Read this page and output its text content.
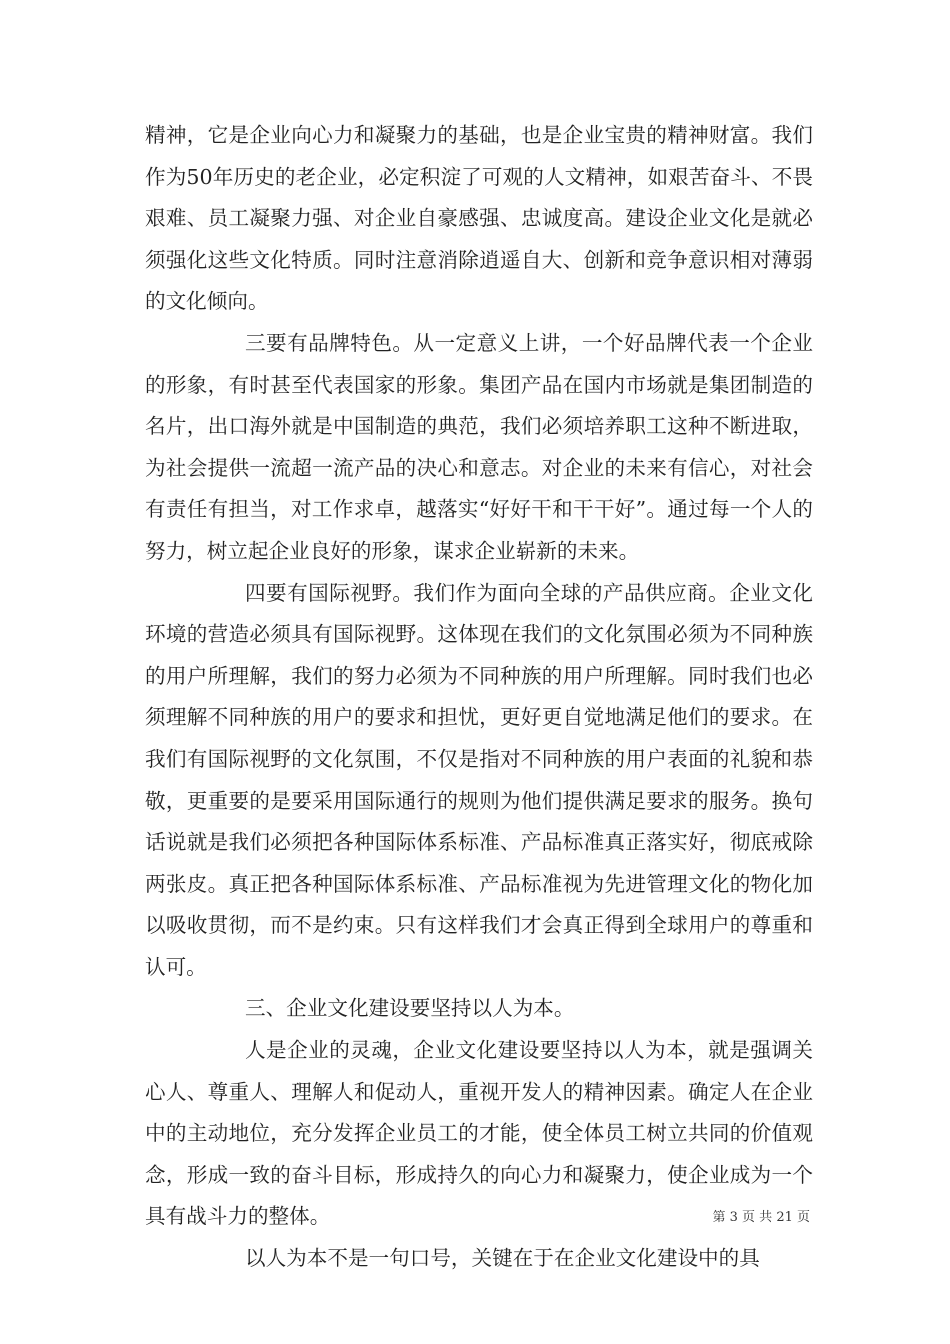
精神，它是企业向心力和凝聚力的基础，也是企业宝贵的精神财富。我们作为50年历史的老企业，必定积淀了可观的人文精神，如艰苦奋斗、不畏艰难、员工凝聚力强、对企业自豪感强、忠诚度高。建设企业文化是就必须强化这些文化特质。同时注意消除逍遥自大、创新和竞争意识相对薄弱的文化倾向。

三要有品牌特色。从一定意义上讲，一个好品牌代表一个企业的形象，有时甚至代表国家的形象。集团产品在国内市场就是集团制造的名片，出口海外就是中国制造的典范，我们必须培养职工这种不断进取，为社会提供一流超一流产品的决心和意志。对企业的未来有信心，对社会有责任有担当，对工作求卓，越落实“好好干和干干好”。通过每一个人的努力，树立起企业良好的形象，谋求企业崭新的未来。

四要有国际视野。我们作为面向全球的产品供应商。企业文化环境的营造必须具有国际视野。这体现在我们的文化氛围必须为不同种族的用户所理解，我们的努力必须为不同种族的用户所理解。同时我们也必须理解不同种族的用户的要求和担忧，更好更自觉地满足他们的要求。在我们有国际视野的文化氛围，不仅是指对不同种族的用户表面的礼貌和恭敬，更重要的是要采用国际通行的规则为他们提供满足要求的服务。换句话说就是我们必须把各种国际体系标准、产品标准真正落实好，彻底戒除两张皮。真正把各种国际体系标准、产品标准视为先进管理文化的物化加以吸收贯彻，而不是约束。只有这样我们才会真正得到全球用户的尊重和认可。

三、企业文化建设要坚持以人为本。

人是企业的灵魂，企业文化建设要坚持以人为本，就是强调关心人、尊重人、理解人和促动人，重视开发人的精神因素。确定人在企业中的主动地位，充分发挥企业员工的才能，使全体员工树立共同的价值观念，形成一致的奋斗目标，形成持久的向心力和凝聚力，使企业成为一个具有战斗力的整体。

以人为本不是一句口号，关键在于在企业文化建设中的具

第 3 页 共 21 页
